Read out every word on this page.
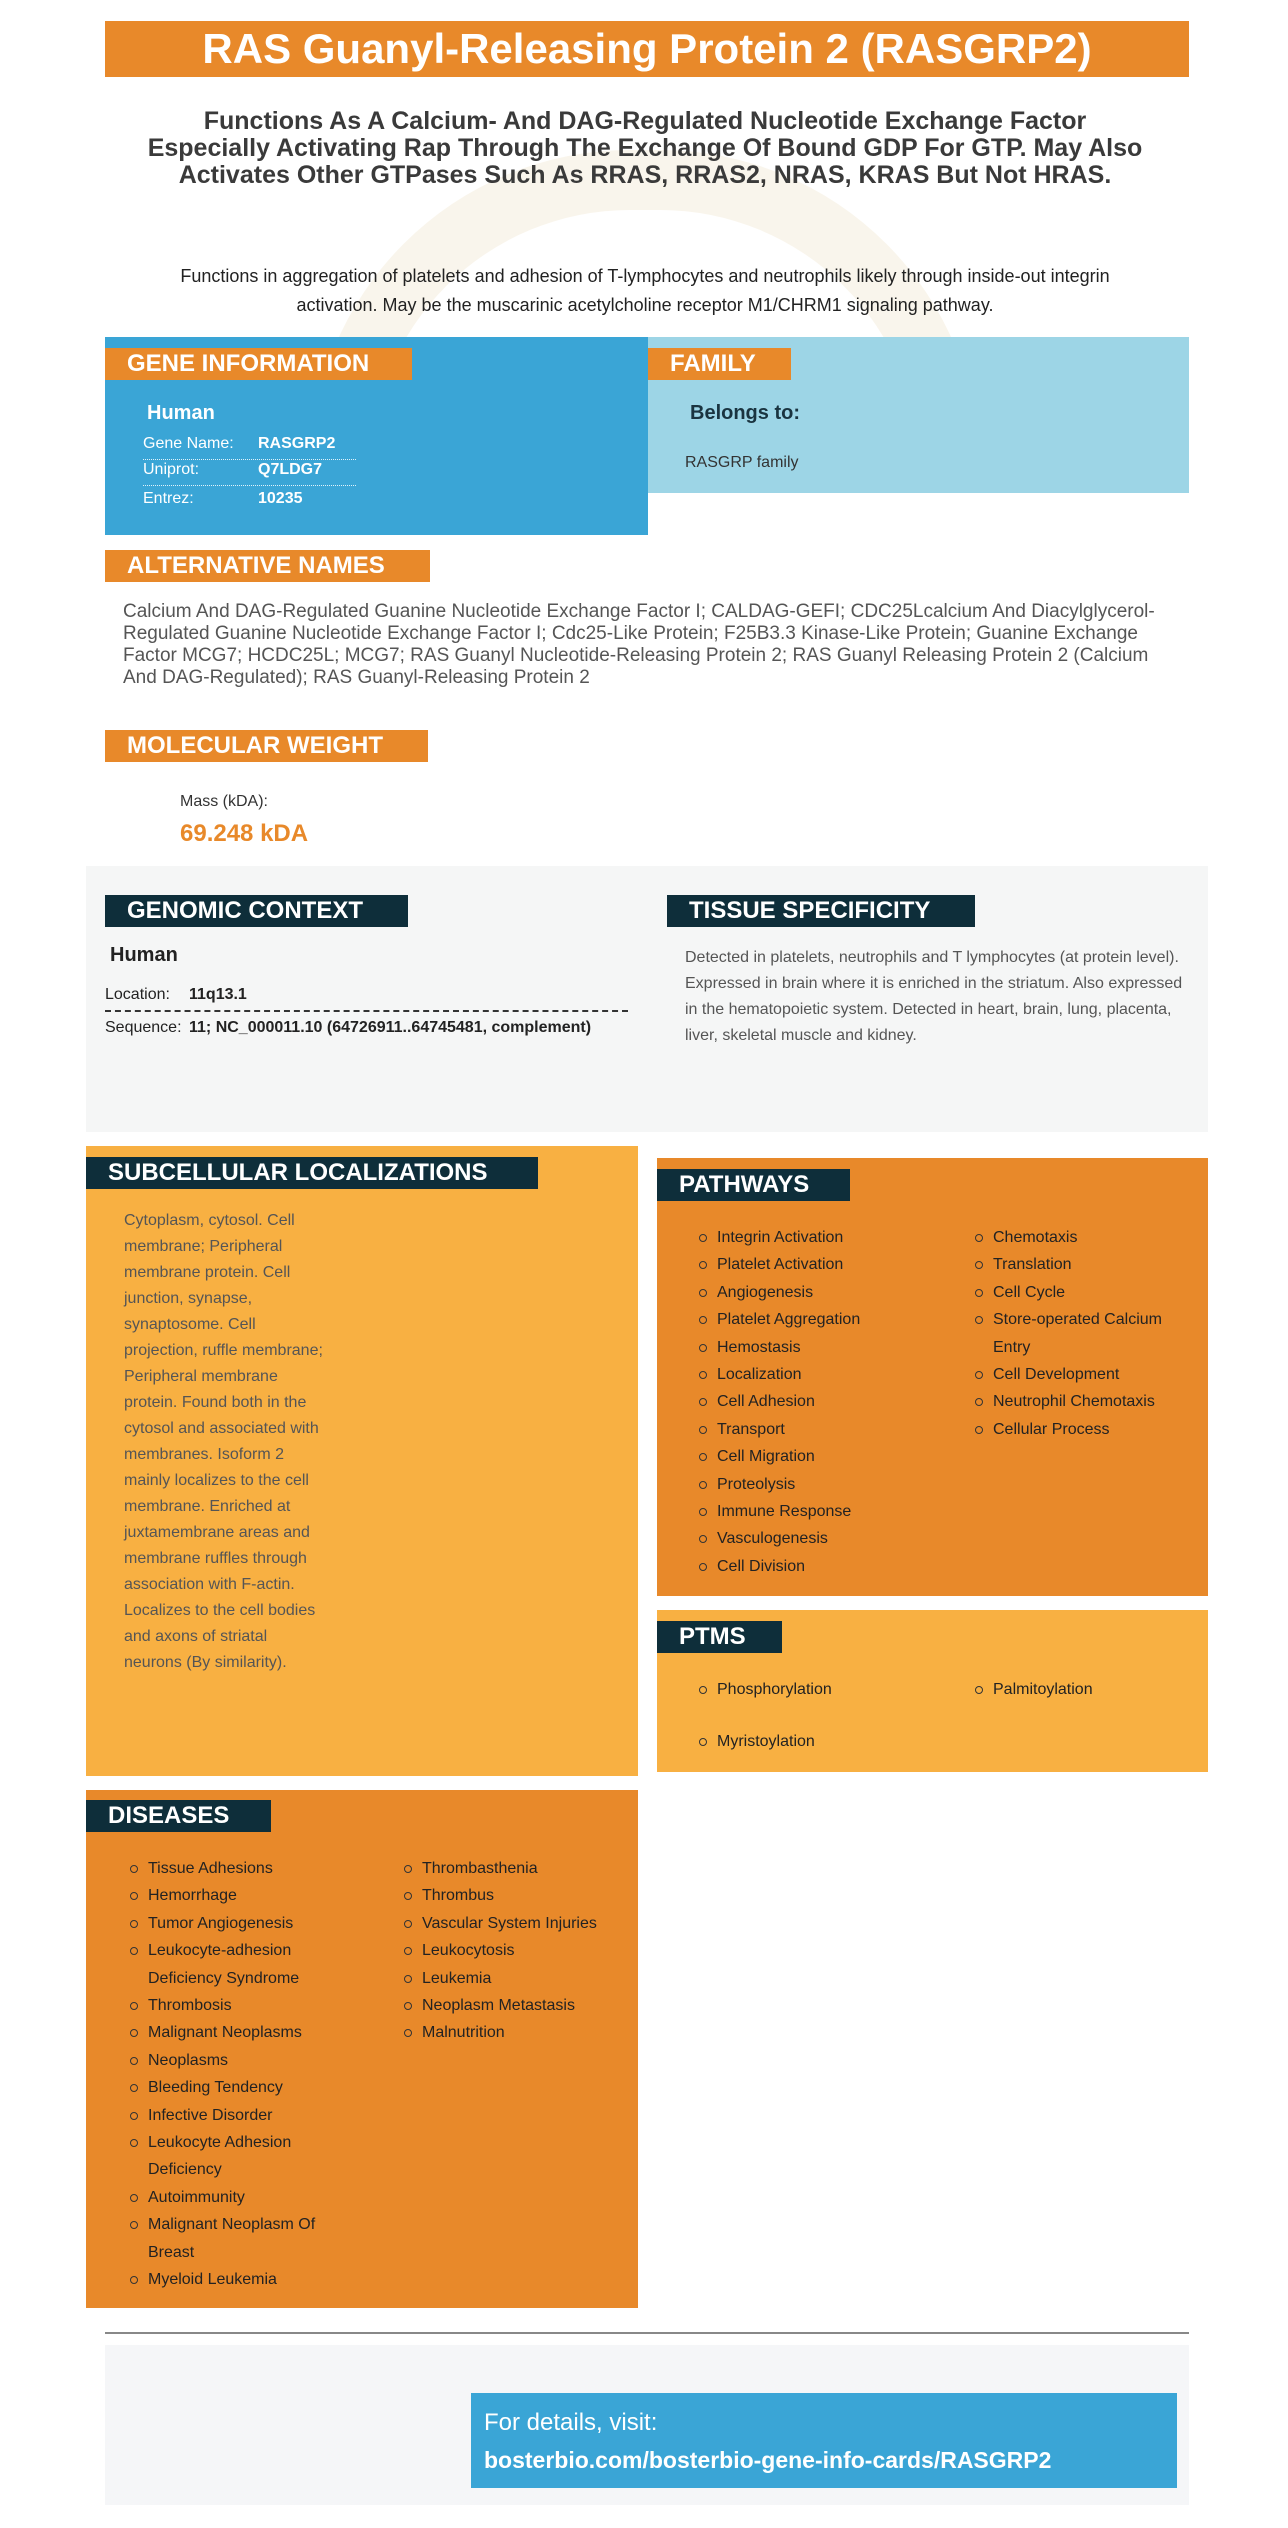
RAS Guanyl-Releasing Protein 2 (RASGRP2)
Functions As A Calcium- And DAG-Regulated Nucleotide Exchange Factor Especially Activating Rap Through The Exchange Of Bound GDP For GTP. May Also Activates Other GTPases Such As RRAS, RRAS2, NRAS, KRAS But Not HRAS.
Functions in aggregation of platelets and adhesion of T-lymphocytes and neutrophils likely through inside-out integrin activation. May be the muscarinic acetylcholine receptor M1/CHRM1 signaling pathway.
GENE INFORMATION
Human
Gene Name: RASGRP2
Uniprot:	Q7LDG7
Entrez:	10235
FAMILY
Belongs to:
RASGRP family
ALTERNATIVE NAMES
Calcium And DAG-Regulated Guanine Nucleotide Exchange Factor I; CALDAG-GEFI; CDC25Lcalcium And Diacylglycerol-Regulated Guanine Nucleotide Exchange Factor I; Cdc25-Like Protein; F25B3.3 Kinase-Like Protein; Guanine Exchange Factor MCG7; HCDC25L; MCG7; RAS Guanyl Nucleotide-Releasing Protein 2; RAS Guanyl Releasing Protein 2 (Calcium And DAG-Regulated); RAS Guanyl-Releasing Protein 2
MOLECULAR WEIGHT
Mass (kDA):
69.248 kDA
GENOMIC CONTEXT
Human
Location: 11q13.1
Sequence: 11; NC_000011.10 (64726911..64745481, complement)
TISSUE SPECIFICITY
Detected in platelets, neutrophils and T lymphocytes (at protein level). Expressed in brain where it is enriched in the striatum. Also expressed in the hematopoietic system. Detected in heart, brain, lung, placenta, liver, skeletal muscle and kidney.
SUBCELLULAR LOCALIZATIONS
Cytoplasm, cytosol. Cell membrane; Peripheral membrane protein. Cell junction, synapse, synaptosome. Cell projection, ruffle membrane; Peripheral membrane protein. Found both in the cytosol and associated with membranes. Isoform 2 mainly localizes to the cell membrane. Enriched at juxtamembrane areas and membrane ruffles through association with F-actin. Localizes to the cell bodies and axons of striatal neurons (By similarity).
PATHWAYS
Integrin Activation
Platelet Activation
Angiogenesis
Platelet Aggregation
Hemostasis
Localization
Cell Adhesion
Transport
Cell Migration
Proteolysis
Immune Response
Vasculogenesis
Cell Division
Chemotaxis
Translation
Cell Cycle
Store-operated Calcium Entry
Cell Development
Neutrophil Chemotaxis
Cellular Process
PTMS
Phosphorylation
Myristoylation
Palmitoylation
DISEASES
Tissue Adhesions
Hemorrhage
Tumor Angiogenesis
Leukocyte-adhesion Deficiency Syndrome
Thrombosis
Malignant Neoplasms
Neoplasms
Bleeding Tendency
Infective Disorder
Leukocyte Adhesion Deficiency
Autoimmunity
Malignant Neoplasm Of Breast
Myeloid Leukemia
Thrombasthenia
Thrombus
Vascular System Injuries
Leukocytosis
Leukemia
Neoplasm Metastasis
Malnutrition
For details, visit:
bosterbio.com/bosterbio-gene-info-cards/RASGRP2
